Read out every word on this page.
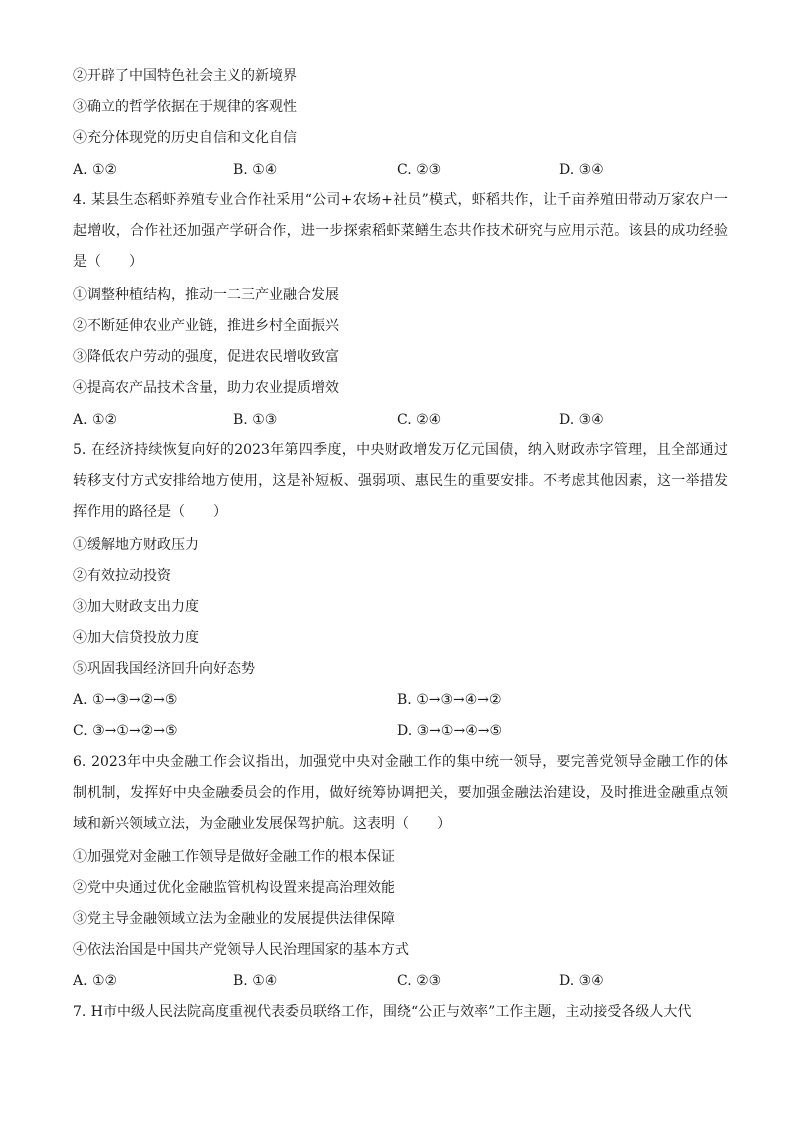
②开辟了中国特色社会主义的新境界
③确立的哲学依据在于规律的客观性
④充分体现党的历史自信和文化自信
A. ①②	B. ①④	C. ②③	D. ③④
4. 某县生态稻虾养殖专业合作社采用“公司+农场+社员”模式，虾稻共作，让千亩养殖田带动万家农户一起增收，合作社还加强产学研合作，进一步探索稻虾菜鳝生态共作技术研究与应用示范。该县的成功经验是（　　）
①调整种植结构，推动一二三产业融合发展
②不断延伸农业产业链，推进乡村全面振兴
③降低农户劳动的强度，促进农民增收致富
④提高农产品技术含量，助力农业提质增效
A. ①②	B. ①③	C. ②④	D. ③④
5. 在经济持续恢复向好的2023年第四季度，中央财政增发万亿元国债，纳入财政赤字管理，且全部通过转移支付方式安排给地方使用，这是补短板、强弱项、惠民生的重要安排。不考虑其他因素，这一举措发挥作用的路径是（　　）
①缓解地方财政压力
②有效拉动投资
③加大财政支出力度
④加大信贷投放力度
⑤巩固我国经济回升向好态势
A. ①→③→②→⑤	B. ①→③→④→②
C. ③→①→②→⑤	D. ③→①→④→⑤
6. 2023年中央金融工作会议指出，加强党中央对金融工作的集中统一领导，要完善党领导金融工作的体制机制，发挥好中央金融委员会的作用，做好统筹协调把关，要加强金融法治建设，及时推进金融重点领域和新兴领域立法，为金融业发展保驾护航。这表明（　　）
①加强党对金融工作领导是做好金融工作的根本保证
②党中央通过优化金融监管机构设置来提高治理效能
③党主导金融领域立法为金融业的发展提供法律保障
④依法治国是中国共产党领导人民治理国家的基本方式
A. ①②	B. ①④	C. ②③	D. ③④
7. H市中级人民法院高度重视代表委员联络工作，围绕“公正与效率”工作主题，主动接受各级人大代
